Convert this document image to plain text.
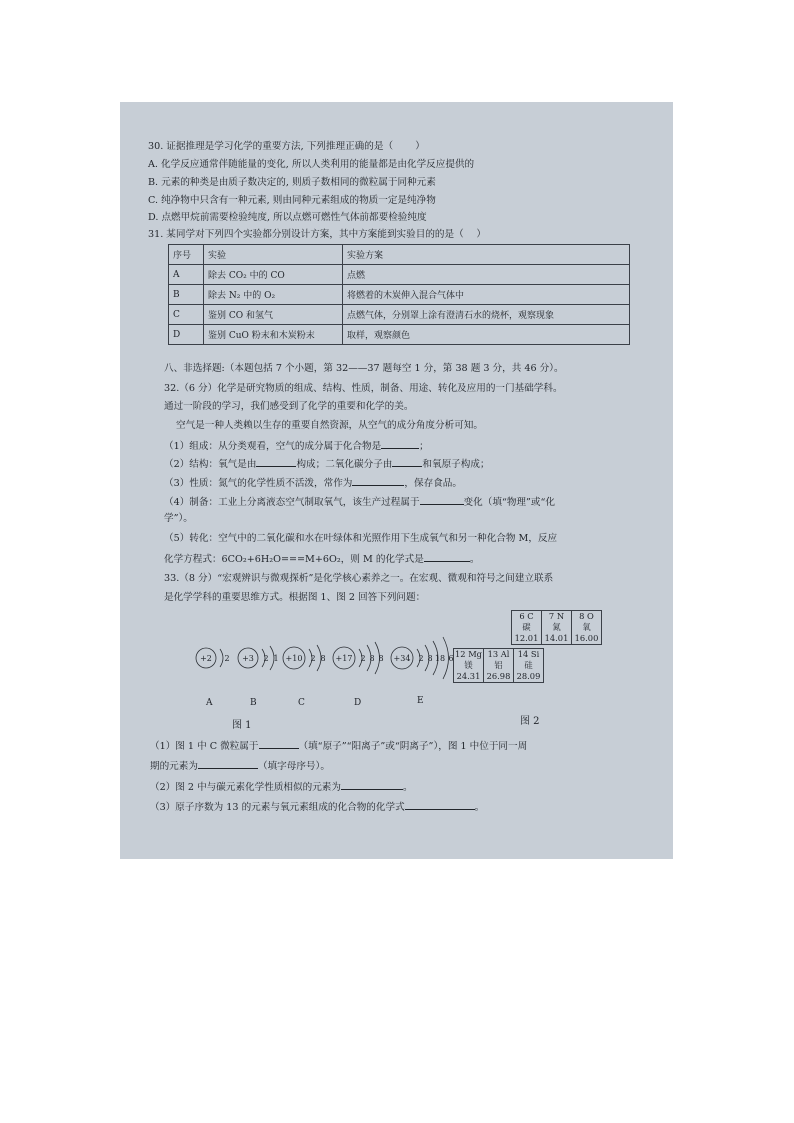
30. 证据推理是学习化学的重要方法, 下列推理正确的是（ 　　）
A. 化学反应通常伴随能量的变化, 所以人类利用的能量都是由化学反应提供的
B. 元素的种类是由质子数决定的, 则质子数相同的微粒属于同种元素
C. 纯净物中只含有一种元素, 则由同种元素组成的物质一定是纯净物
D. 点燃甲烷前需要检验纯度, 所以点燃可燃性气体前都要检验纯度
31. 某同学对下列四个实验都分别设计方案，其中方案能到实验目的的是（ 　）
序号	实验	实验方案
A	除去 CO₂ 中的 CO	点燃
B	除去 N₂ 中的 O₂	将燃着的木炭伸入混合气体中
C	鉴别 CO 和氢气	点燃气体，分别罩上涂有澄清石水的烧杯，观察现象
D	鉴别 CuO 粉末和木炭粉末	取样，观察颜色
八、非选择题:（本题包括 7 个小题，第 32——37 题每空 1 分，第 38 题 3 分，共 46 分）。
32.（6 分）化学是研究物质的组成、结构、性质，制备、用途、转化及应用的一门基础学科。
通过一阶段的学习，我们感受到了化学的重要和化学的美。
空气是一种人类赖以生存的重要自然资源，从空气的成分角度分析可知。
（1）组成：从分类观看，空气的成分属于化合物是	；
（2）结构：氧气是由	构成；二氧化碳分子由	和氧原子构成；
（3）性质：氮气的化学性质不活泼，常作为	，保存食品。
（4）制备：工业上分离液态空气制取氧气，该生产过程属于	变化（填“物理”或“化
学”）。
（5）转化：空气中的二氧化碳和水在叶绿体和光照作用下生成氧气和另一种化合物 M，反应
化学方程式：6CO₂+6H₂O===M+6O₂，则 M 的化学式是	。
33.（8 分）“宏观辨识与微观探析”是化学核心素养之一。在宏观、微观和符号之间建立联系
是化学学科的重要思维方式。根据图 1、图 2 回答下列问题：
+2 2 +3 2 1 +10 2 8 +17 2 8 8 +34 2 8 18 6
A	B	C	D	E
图 1	图 2
6 C
碳
12.01
7 N
氮
14.01
8 O
氧
16.00
12 Mg
镁
24.31
13 Al
铝
26.98
14 Si
硅
28.09
（1）图 1 中 C 微粒属于	（填“原子”“阳离子”或“阴离子”），图 1 中位于同一周
期的元素为	（填字母序号）。
（2）图 2 中与碳元素化学性质相似的元素为	。
（3）原子序数为 13 的元素与氧元素组成的化合物的化学式	。
